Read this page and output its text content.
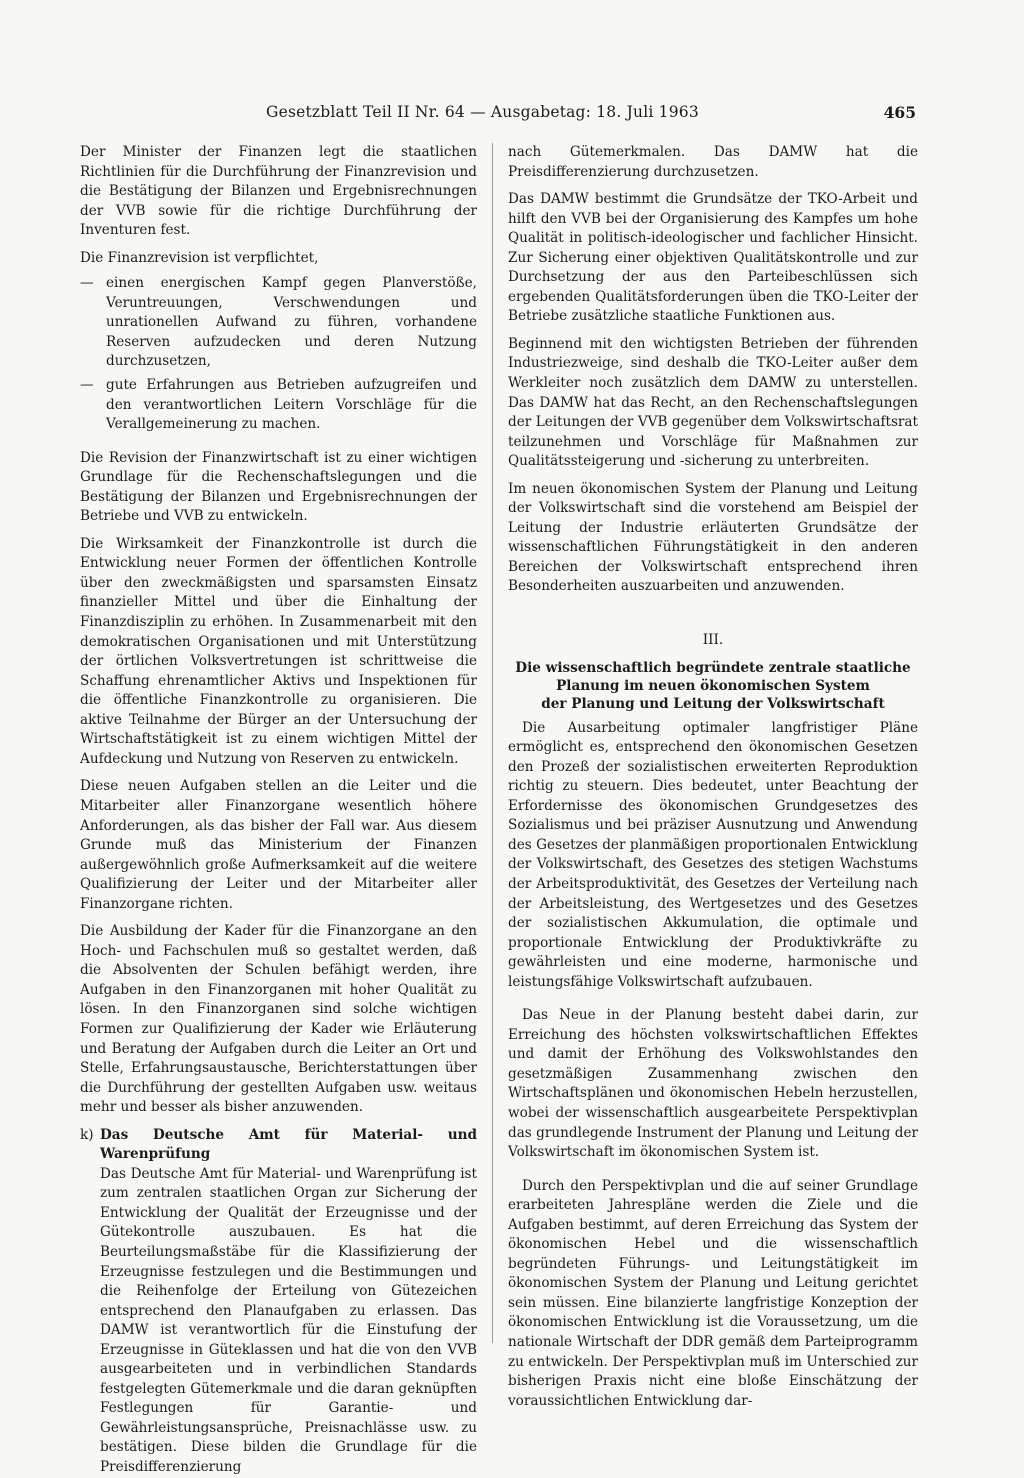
Gesetzblatt Teil II Nr. 64 — Ausgabetag: 18. Juli 1963	465

Der Minister der Finanzen legt die staatlichen Richtlinien für die Durchführung der Finanzrevision und die Bestätigung der Bilanzen und Ergebnisrechnungen der VVB sowie für die richtige Durchführung der Inventuren fest.

Die Finanzrevision ist verpflichtet,

— einen energischen Kampf gegen Planverstöße, Veruntreuungen, Verschwendungen und unrationellen Aufwand zu führen, vorhandene Reserven aufzudecken und deren Nutzung durchzusetzen,
— gute Erfahrungen aus Betrieben aufzugreifen und den verantwortlichen Leitern Vorschläge für die Verallgemeinerung zu machen.

Die Revision der Finanzwirtschaft ist zu einer wichtigen Grundlage für die Rechenschaftslegungen und die Bestätigung der Bilanzen und Ergebnisrechnungen der Betriebe und VVB zu entwickeln.

Die Wirksamkeit der Finanzkontrolle ist durch die Entwicklung neuer Formen der öffentlichen Kontrolle über den zweckmäßigsten und sparsamsten Einsatz finanzieller Mittel und über die Einhaltung der Finanzdisziplin zu erhöhen. In Zusammenarbeit mit den demokratischen Organisationen und mit Unterstützung der örtlichen Volksvertretungen ist schrittweise die Schaffung ehrenamtlicher Aktivs und Inspektionen für die öffentliche Finanzkontrolle zu organisieren. Die aktive Teilnahme der Bürger an der Untersuchung der Wirtschaftstätigkeit ist zu einem wichtigen Mittel der Aufdeckung und Nutzung von Reserven zu entwickeln.

Diese neuen Aufgaben stellen an die Leiter und die Mitarbeiter aller Finanzorgane wesentlich höhere Anforderungen, als das bisher der Fall war. Aus diesem Grunde muß das Ministerium der Finanzen außergewöhnlich große Aufmerksamkeit auf die weitere Qualifizierung der Leiter und der Mitarbeiter aller Finanzorgane richten.

Die Ausbildung der Kader für die Finanzorgane an den Hoch- und Fachschulen muß so gestaltet werden, daß die Absolventen der Schulen befähigt werden, ihre Aufgaben in den Finanzorganen mit hoher Qualität zu lösen. In den Finanzorganen sind solche wichtigen Formen zur Qualifizierung der Kader wie Erläuterung und Beratung der Aufgaben durch die Leiter an Ort und Stelle, Erfahrungsaustausche, Berichterstattungen über die Durchführung der gestellten Aufgaben usw. weitaus mehr und besser als bisher anzuwenden.

k) Das Deutsche Amt für Material- und Warenprüfung
Das Deutsche Amt für Material- und Warenprüfung ist zum zentralen staatlichen Organ zur Sicherung der Entwicklung der Qualität der Erzeugnisse und der Gütekontrolle auszubauen. Es hat die Beurteilungsmaßstäbe für die Klassifizierung der Erzeugnisse festzulegen und die Bestimmungen und die Reihenfolge der Erteilung von Gütezeichen entsprechend den Planaufgaben zu erlassen. Das DAMW ist verantwortlich für die Einstufung der Erzeugnisse in Güteklassen und hat die von den VVB ausgearbeiteten und in verbindlichen Standards festgelegten Gütemerkmale und die daran geknüpften Festlegungen für Garantie- und Gewährleistungsansprüche, Preisnachlässe usw. zu bestätigen. Diese bilden die Grundlage für die Preisdifferenzierung

nach Gütemerkmalen. Das DAMW hat die Preisdifferenzierung durchzusetzen.

Das DAMW bestimmt die Grundsätze der TKO-Arbeit und hilft den VVB bei der Organisierung des Kampfes um hohe Qualität in politisch-ideologischer und fachlicher Hinsicht. Zur Sicherung einer objektiven Qualitätskontrolle und zur Durchsetzung der aus den Parteibeschlüssen sich ergebenden Qualitätsforderungen üben die TKO-Leiter der Betriebe zusätzliche staatliche Funktionen aus.

Beginnend mit den wichtigsten Betrieben der führenden Industriezweige, sind deshalb die TKO-Leiter außer dem Werkleiter noch zusätzlich dem DAMW zu unterstellen. Das DAMW hat das Recht, an den Rechenschaftslegungen der Leitungen der VVB gegenüber dem Volkswirtschaftsrat teilzunehmen und Vorschläge für Maßnahmen zur Qualitätssteigerung und -sicherung zu unterbreiten.

Im neuen ökonomischen System der Planung und Leitung der Volkswirtschaft sind die vorstehend am Beispiel der Leitung der Industrie erläuterten Grundsätze der wissenschaftlichen Führungstätigkeit in den anderen Bereichen der Volkswirtschaft entsprechend ihren Besonderheiten auszuarbeiten und anzuwenden.

III.
Die wissenschaftlich begründete zentrale staatliche
Planung im neuen ökonomischen System
der Planung und Leitung der Volkswirtschaft

Die Ausarbeitung optimaler langfristiger Pläne ermöglicht es, entsprechend den ökonomischen Gesetzen den Prozeß der sozialistischen erweiterten Reproduktion richtig zu steuern. Dies bedeutet, unter Beachtung der Erfordernisse des ökonomischen Grundgesetzes des Sozialismus und bei präziser Ausnutzung und Anwendung des Gesetzes der planmäßigen proportionalen Entwicklung der Volkswirtschaft, des Gesetzes des stetigen Wachstums der Arbeitsproduktivität, des Gesetzes der Verteilung nach der Arbeitsleistung, des Wertgesetzes und des Gesetzes der sozialistischen Akkumulation, die optimale und proportionale Entwicklung der Produktivkräfte zu gewährleisten und eine moderne, harmonische und leistungsfähige Volkswirtschaft aufzubauen.

Das Neue in der Planung besteht dabei darin, zur Erreichung des höchsten volkswirtschaftlichen Effektes und damit der Erhöhung des Volkswohlstandes den gesetzmäßigen Zusammenhang zwischen den Wirtschaftsplänen und ökonomischen Hebeln herzustellen, wobei der wissenschaftlich ausgearbeitete Perspektivplan das grundlegende Instrument der Planung und Leitung der Volkswirtschaft im ökonomischen System ist.

Durch den Perspektivplan und die auf seiner Grundlage erarbeiteten Jahrespläne werden die Ziele und die Aufgaben bestimmt, auf deren Erreichung das System der ökonomischen Hebel und die wissenschaftlich begründeten Führungs- und Leitungstätigkeit im ökonomischen System der Planung und Leitung gerichtet sein müssen. Eine bilanzierte langfristige Konzeption der ökonomischen Entwicklung ist die Voraussetzung, um die nationale Wirtschaft der DDR gemäß dem Parteiprogramm zu entwickeln. Der Perspektivplan muß im Unterschied zur bisherigen Praxis nicht eine bloße Einschätzung der voraussichtlichen Entwicklung dar-
